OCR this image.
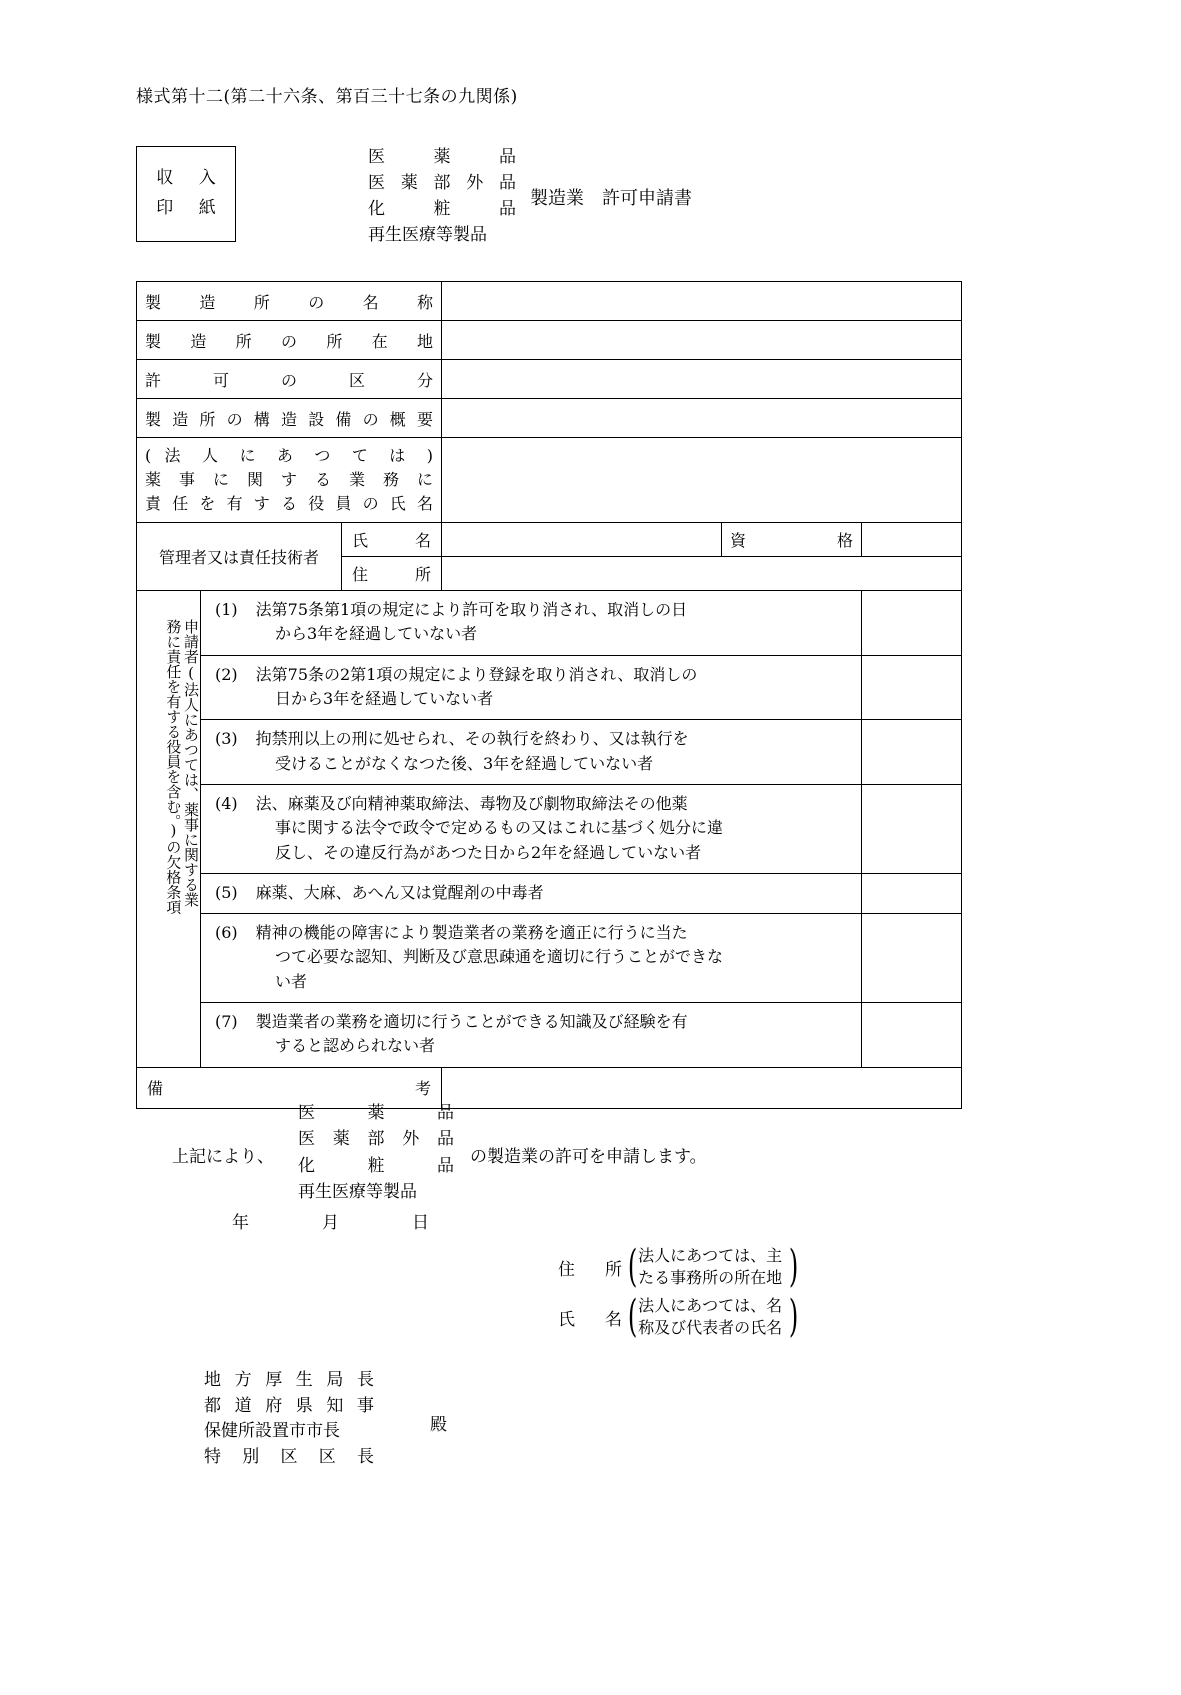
様式第十二(第二十六条、第百三十七条の九関係)
収 入
印 紙
医薬品
医薬部外品
化粧品
再生医療等製品
製造業　許可申請書
製造所の名称					
製造所の所在地					
許可の区分					
製造所の構造設備の概要					

( 法 人 に あ つ て は )
薬事に関する業務に
責任を有する役員の氏名					

管理者又は責任技術者		氏名		資格	
		住所			

申請者(法人にあつては、薬事に関する業
務に責任を有する役員を含む。)の欠格条項

(1) 法第75条第1項の規定により許可を取り消され、取消しの日

から3年を経過していない者

	(2) 法第75条の2第1項の規定により登録を取り消され、取消しの

日から3年を経過していない者				

	(3) 拘禁刑以上の刑に処せられ、その執行を終わり、又は執行を

受けることがなくなつた後、3年を経過していない者				

	(4) 法、麻薬及び向精神薬取締法、毒物及び劇物取締法その他薬

事に関する法令で政令で定めるもの又はこれに基づく処分に違

反し、その違反行為があつた日から2年を経過していない者				

	(5) 麻薬、大麻、あへん又は覚醒剤の中毒者				

	(6) 精神の機能の障害により製造業者の業務を適正に行うに当た

つて必要な認知、判断及び意思疎通を適切に行うことができな

い者				

	(7) 製造業者の業務を適切に行うことができる知識及び経験を有

すると認められない者				

備考					
上記により、
医薬品
医薬部外品
化粧品
再生医療等製品
の製造業の許可を申請します。
年　月　日
住所 ( 法人にあつては、主
たる事務所の所在地 )
氏名 ( 法人にあつては、名
称及び代表者の氏名 )
地方厚生局長
都道府県知事
保健所設置市市長
特別区区長
殿
